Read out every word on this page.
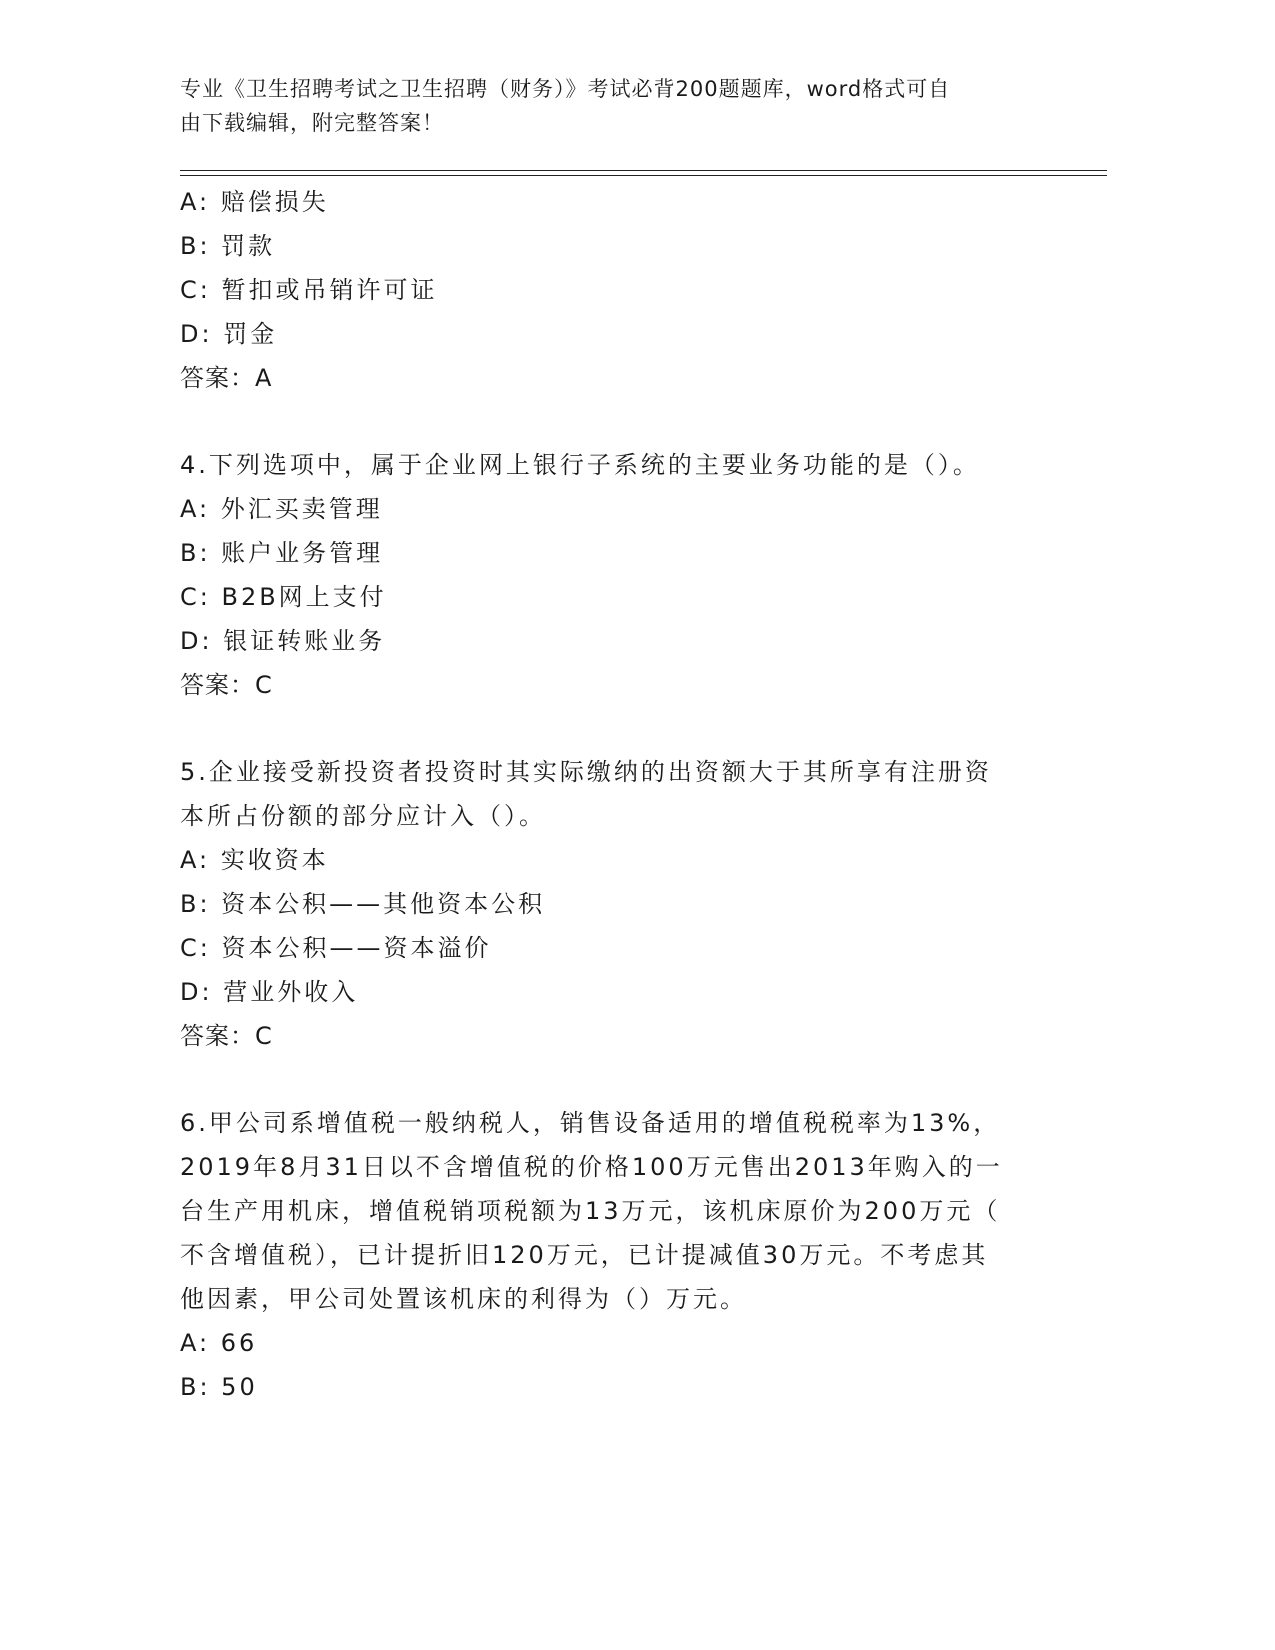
专业《卫生招聘考试之卫生招聘（财务）》考试必背200题题库，word格式可自
由下载编辑，附完整答案！
A: 赔偿损失
B: 罚款
C: 暂扣或吊销许可证
D: 罚金
答案：A
4.下列选项中，属于企业网上银行子系统的主要业务功能的是（）。
A: 外汇买卖管理
B: 账户业务管理
C: B2B网上支付
D: 银证转账业务
答案：C
5.企业接受新投资者投资时其实际缴纳的出资额大于其所享有注册资
本所占份额的部分应计入（）。
A: 实收资本
B: 资本公积——其他资本公积
C: 资本公积——资本溢价
D: 营业外收入
答案：C
6.甲公司系增值税一般纳税人，销售设备适用的增值税税率为13%，
2019年8月31日以不含增值税的价格100万元售出2013年购入的一
台生产用机床，增值税销项税额为13万元，该机床原价为200万元（
不含增值税），已计提折旧120万元，已计提减值30万元。不考虑其
他因素，甲公司处置该机床的利得为（）万元。
A: 66
B: 50
